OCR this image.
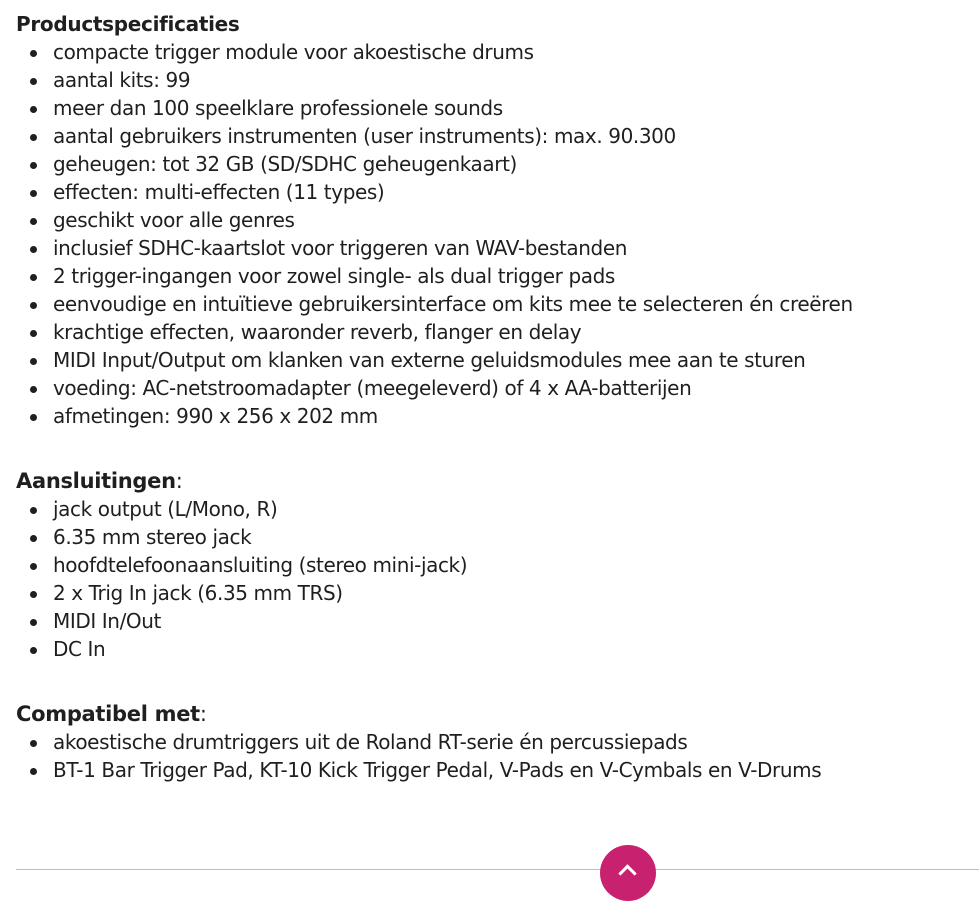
Productspecificaties
compacte trigger module voor akoestische drums
aantal kits: 99
meer dan 100 speelklare professionele sounds
aantal gebruikers instrumenten (user instruments): max. 90.300
geheugen: tot 32 GB (SD/SDHC geheugenkaart)
effecten: multi-effecten (11 types)
geschikt voor alle genres
inclusief SDHC-kaartslot voor triggeren van WAV-bestanden
2 trigger-ingangen voor zowel single- als dual trigger pads
eenvoudige en intuïtieve gebruikersinterface om kits mee te selecteren én creëren
krachtige effecten, waaronder reverb, flanger en delay
MIDI Input/Output om klanken van externe geluidsmodules mee aan te sturen
voeding: AC-netstroomadapter (meegeleverd) of 4 x AA-batterijen
afmetingen: 990 x 256 x 202 mm
Aansluitingen:
jack output (L/Mono, R)
6.35 mm stereo jack
hoofdtelefoonaansluiting (stereo mini-jack)
2 x Trig In jack (6.35 mm TRS)
MIDI In/Out
DC In
Compatibel met:
akoestische drumtriggers uit de Roland RT-serie én percussiepads
BT-1 Bar Trigger Pad, KT-10 Kick Trigger Pedal, V-Pads en V-Cymbals en V-Drums
